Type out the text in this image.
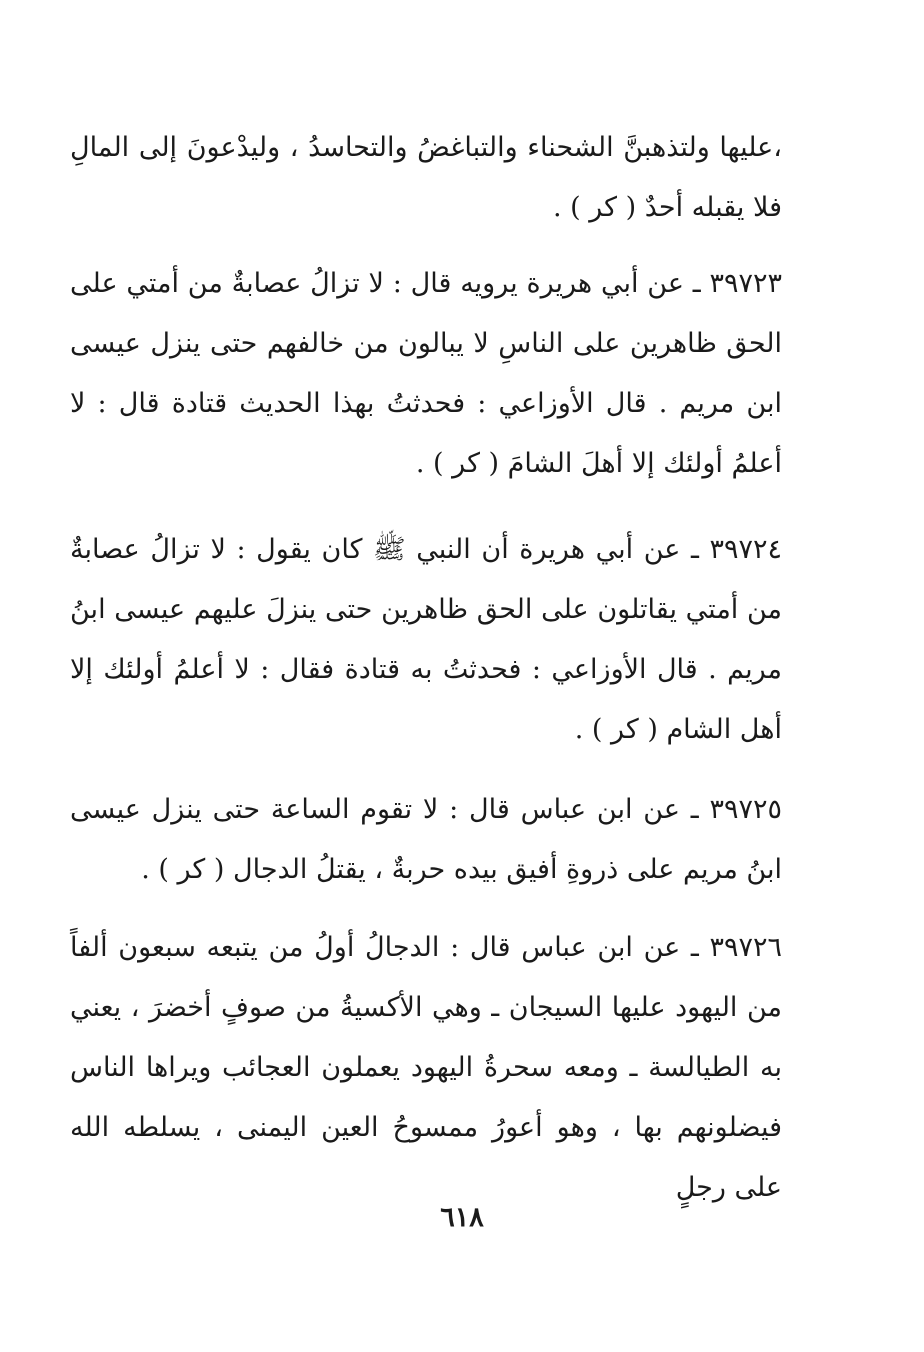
،عليها ولتذهبنَّ الشحناء والتباغضُ والتحاسدُ ، وليدْعونَ إلى المالِ فلا يقبله أحدٌ ( كر ) .

٣٩٧٢٣ ـ عن أبي هريرة يرويه قال : لا تزالُ عصابةٌ من أمتي على الحق ظاهرين على الناسِ لا يبالون من خالفهم حتى ينزل عيسى ابن مريم . قال الأوزاعي : فحدثتُ بهذا الحديث قتادة قال : لا أعلمُ أولئك إلا أهلَ الشامَ ( كر ) .

٣٩٧٢٤ ـ عن أبي هريرة أن النبي ﷺ كان يقول : لا تزالُ عصابةٌ من أمتي يقاتلون على الحق ظاهرين حتى ينزلَ عليهم عيسى ابنُ مريم . قال الأوزاعي : فحدثتُ به قتادة فقال : لا أعلمُ أولئك إلا أهل الشام ( كر ) .

٣٩٧٢٥ ـ عن ابن عباس قال : لا تقوم الساعة حتى ينزل عيسى ابنُ مريم على ذروةِ أفيق بيده حربةٌ ، يقتلُ الدجال ( كر ) .

٣٩٧٢٦ ـ عن ابن عباس قال : الدجالُ أولُ من يتبعه سبعون ألفاً من اليهود عليها السيجان ـ وهي الأكسيةُ من صوفٍ أخضرَ ، يعني به الطيالسة ـ ومعه سحرةُ اليهود يعملون العجائب ويراها الناس فيضلونهم بها ، وهو أعورُ ممسوحُ العين اليمنى ، يسلطه الله على رجلٍ

٦١٨
